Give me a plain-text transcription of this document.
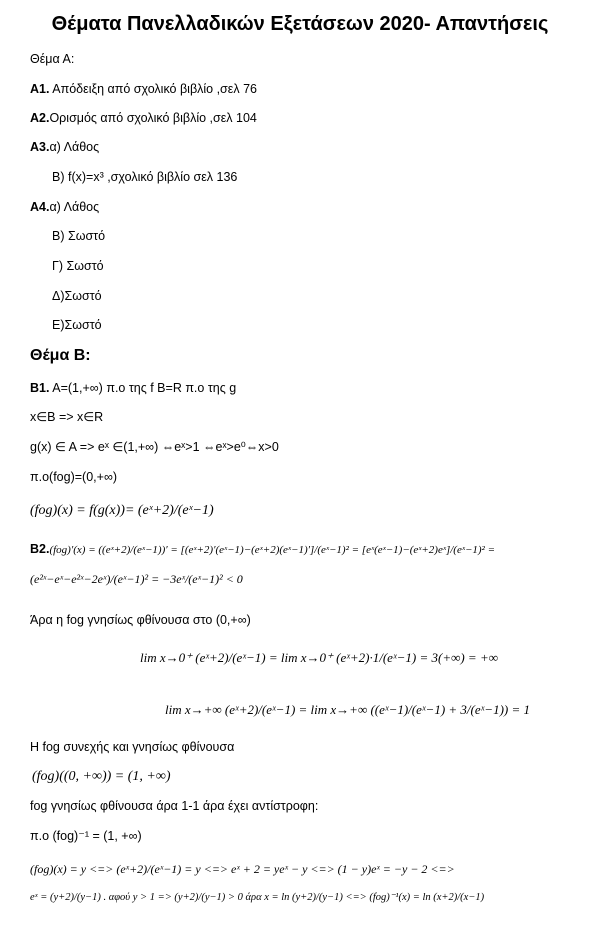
Θέματα Πανελλαδικών Εξετάσεων 2020- Απαντήσεις
Θέμα Α:
Α1. Απόδειξη από σχολικό βιβλίο ,σελ 76
Α2.Ορισμός από σχολικό βιβλίο ,σελ 104
Α3.α) Λάθος
Β) f(x)=x³ ,σχολικό βιβλίο σελ 136
Α4.α) Λάθος
Β) Σωστό
Γ) Σωστό
Δ)Σωστό
Ε)Σωστό
Θέμα Β:
Β1. Α=(1,+∞) π.ο της f Β=R π.ο της g
x∈B => x∈R
g(x) ∈ A => eˣ ∈(1,+∞) ⇔eˣ>1 ⇔eˣ>e⁰⇔x>0
π.ο(fog)=(0,+∞)
(fog)(x) = f(g(x))= (eˣ+2)/(eˣ−1)
Β2.(fog)′(x) = ((eˣ+2)/(eˣ−1))′ = [(eˣ+2)′(eˣ−1)−(eˣ+2)(eˣ−1)′]/(eˣ−1)² = [eˣ(eˣ−1)−(eˣ+2)eˣ]/(eˣ−1)² =
(e²ˣ−eˣ−e²ˣ−2eˣ)/(eˣ−1)² = −3eˣ/(eˣ−1)² < 0
Άρα η fog γνησίως φθίνουσα στο (0,+∞)
lim x→0⁺ (eˣ+2)/(eˣ−1) = lim x→0⁺ (eˣ+2)·1/(eˣ−1) = 3(+∞) = +∞
lim x→+∞ (eˣ+2)/(eˣ−1) = lim x→+∞ ((eˣ−1)/(eˣ−1) + 3/(eˣ−1)) = 1
Η fog συνεχής και γνησίως φθίνουσα
(fog)((0, +∞)) = (1, +∞)
fog γνησίως φθίνουσα άρα 1-1 άρα έχει αντίστροφη:
π.ο (fog)⁻¹ = (1, +∞)
(fog)(x) = y <=> (eˣ+2)/(eˣ−1) = y <=> eˣ + 2 = yeˣ − y <=> (1 − y)eˣ = −y − 2 <=>
eˣ = (y+2)/(y−1) . αφού y > 1 => (y+2)/(y−1) > 0 άρα x = ln (y+2)/(y−1) <=> (fog)⁻¹(x) = ln (x+2)/(x−1)
